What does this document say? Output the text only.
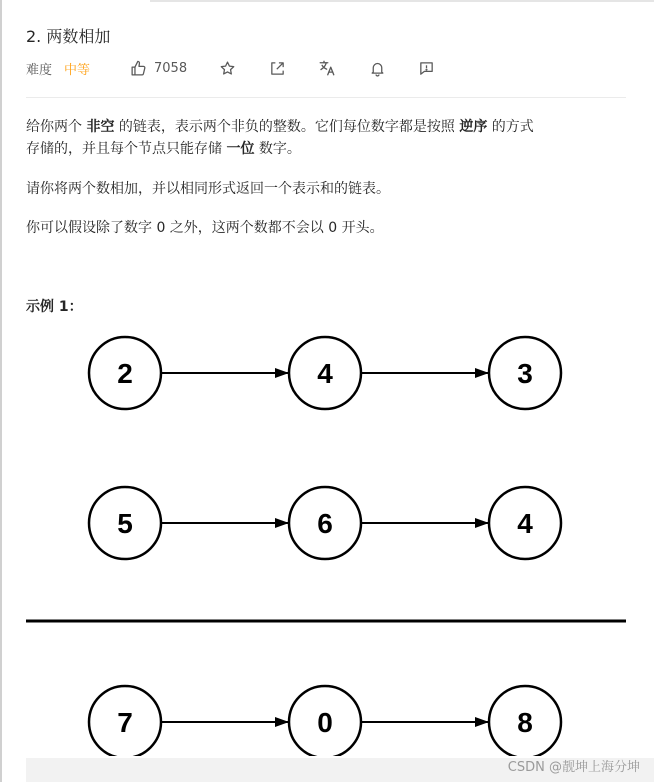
2. 两数相加
难度 中等	7058
给你两个 非空 的链表，表示两个非负的整数。它们每位数字都是按照 逆序 的方式
存储的，并且每个节点只能存储 一位 数字。
请你将两个数相加，并以相同形式返回一个表示和的链表。
你可以假设除了数字 0 之外，这两个数都不会以 0 开头。
示例 1：
2	4	3
5	6	4
7	0	8
CSDN @靓坤上海分坤
